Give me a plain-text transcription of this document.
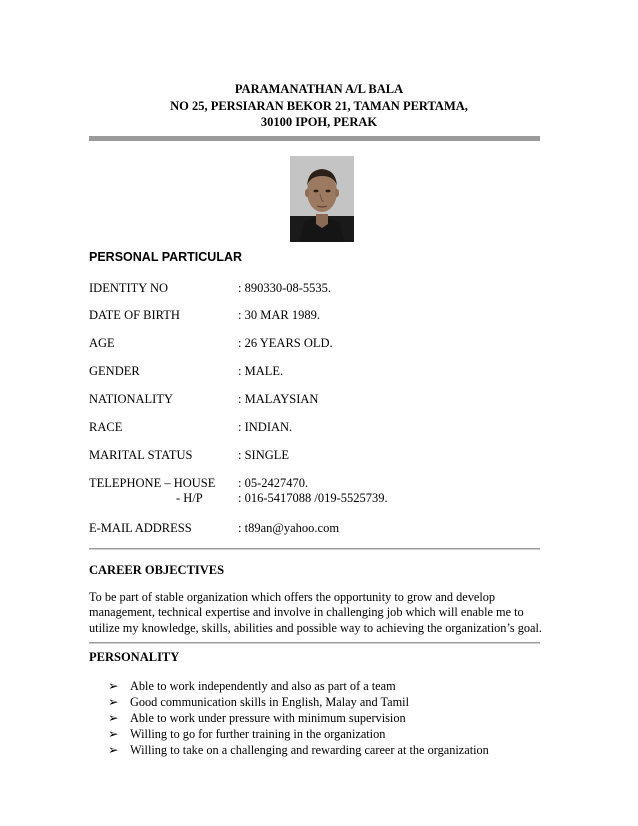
PARAMANATHAN A/L BALA
NO 25, PERSIARAN BEKOR 21, TAMAN PERTAMA,
30100 IPOH, PERAK
PERSONAL PARTICULAR
IDENTITY NO	: 890330-08-5535.
DATE OF BIRTH	: 30 MAR 1989.
AGE	: 26 YEARS OLD.
GENDER	: MALE.
NATIONALITY	: MALAYSIAN
RACE	: INDIAN.
MARITAL STATUS	: SINGLE
TELEPHONE – HOUSE : 05-2427470.
- H/P	: 016-5417088 /019-5525739.
E-MAIL ADDRESS	: t89an@yahoo.com
CAREER OBJECTIVES
To be part of stable organization which offers the opportunity to grow and develop
management, technical expertise and involve in challenging job which will enable me to
utilize my knowledge, skills, abilities and possible way to achieving the organization’s goal.
PERSONALITY
➢ Able to work independently and also as part of a team
➢ Good communication skills in English, Malay and Tamil
➢ Able to work under pressure with minimum supervision
➢ Willing to go for further training in the organization
➢ Willing to take on a challenging and rewarding career at the organization
